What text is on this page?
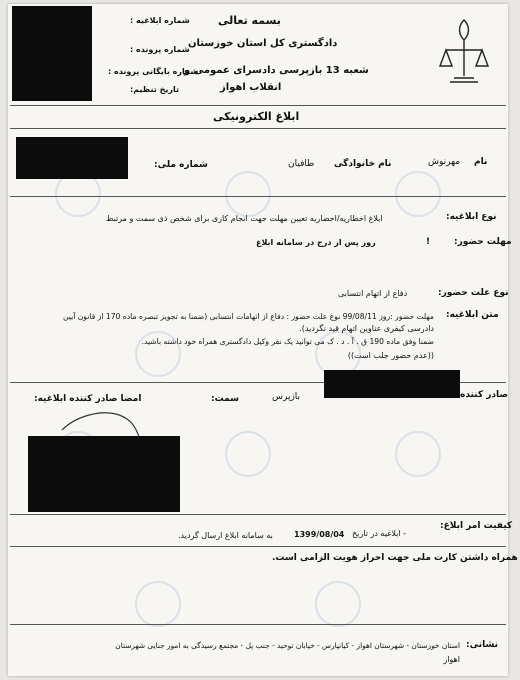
بسمه تعالی
دادگستری کل استان خوزستان
شعبه 13 بازپرسی دادسرای عمومی و
انقلاب اهواز
شماره ابلاغیه :
شماره پرونده :
شماره بایگانی پرونده :
تاریخ تنظیم:
ابلاغ الکترونیکی
نام
مهرنوش
نام خانوادگی
طافیان
شماره ملی:
نوع ابلاغیه:
ابلاغ اخطاریه/احضاریه تعیین مهلت جهت انجام کاری برای شخص ذی سمت و مرتبط
مهلت حضور:
!
روز پس از درج در سامانه ابلاغ
نوع علت حضور:
دفاع از اتهام انتسابی
متن ابلاغیه:
مهلت حضور :روز 99/08/11 نوع علت حضور : دفاع از اتهامات انتسابی (ضمنا به تجویز تبصره ماده 170 از قانون آیین
دادرسی کیفری عناوین اتهام قید نگردید).
ضمنا وفق ماده 190 ق . آ . د . ک می توانید یک نفر وکیل دادگستری همراه خود داشته باشید.
((عدم حضور جلب است))
صادر کننده
بازپرس
سمت:
امضا صادر کننده ابلاغیه:
کیفیت امر ابلاغ:
- ابلاغیه در تاریخ
1399/08/04
به سامانه ابلاغ ارسال گردید.
همراه داشتن کارت ملی جهت احراز هویت الزامی است.
نشانی:
استان خوزستان - شهرستان اهواز - کیانپارس - خیابان توحید - جنب پل - مجتمع رسیدگی به امور جنایی شهرستان
اهواز
